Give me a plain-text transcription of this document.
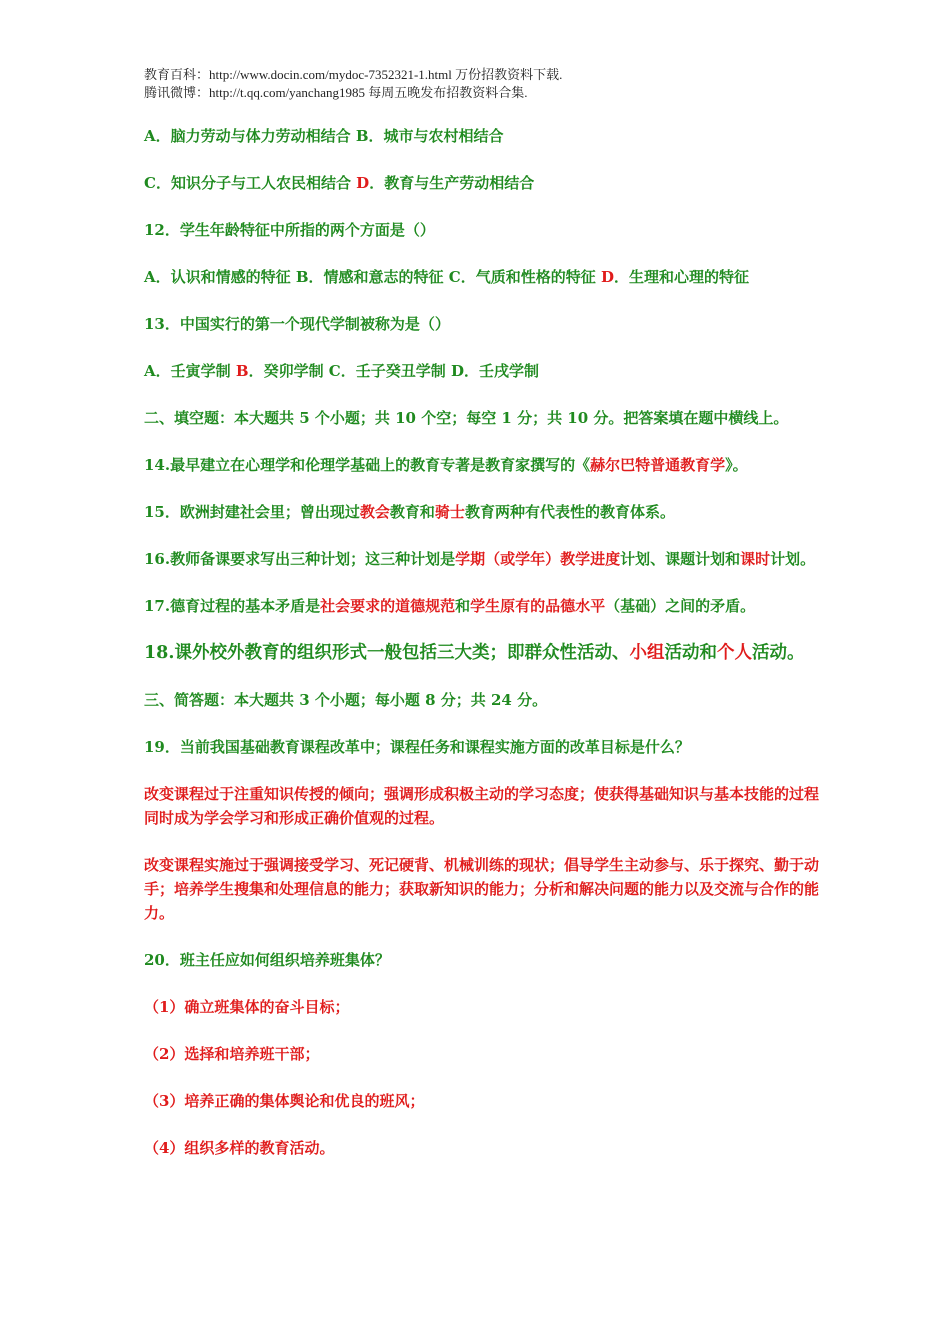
教育百科：http://www.docin.com/mydoc-7352321-1.html 万份招教资料下载.
腾讯微博：http://t.qq.com/yanchang1985 每周五晚发布招教资料合集.

A．脑力劳动与体力劳动相结合 B．城市与农村相结合

C．知识分子与工人农民相结合 D．教育与生产劳动相结合

12．学生年龄特征中所指的两个方面是（）

A．认识和情感的特征 B．情感和意志的特征 C．气质和性格的特征 D．生理和心理的特征

13．中国实行的第一个现代学制被称为是（）

A．壬寅学制 B．癸卯学制 C．壬子癸丑学制 D．壬戌学制

二、填空题：本大题共 5 个小题；共 10 个空；每空 1 分；共 10 分。把答案填在题中横线上。

14.最早建立在心理学和伦理学基础上的教育专著是教育家撰写的《赫尔巴特普通教育学》。

15．欧洲封建社会里；曾出现过教会教育和骑士教育两种有代表性的教育体系。

16.教师备课要求写出三种计划；这三种计划是学期（或学年）教学进度计划、课题计划和课时计划。

17.德育过程的基本矛盾是社会要求的道德规范和学生原有的品德水平（基础）之间的矛盾。

18.课外校外教育的组织形式一般包括三大类；即群众性活动、小组活动和个人活动。

三、简答题：本大题共 3 个小题；每小题 8 分；共 24 分。

19．当前我国基础教育课程改革中；课程任务和课程实施方面的改革目标是什么？

改变课程过于注重知识传授的倾向；强调形成积极主动的学习态度；使获得基础知识与基本技能的过程同时成为学会学习和形成正确价值观的过程。

改变课程实施过于强调接受学习、死记硬背、机械训练的现状；倡导学生主动参与、乐于探究、勤于动手；培养学生搜集和处理信息的能力；获取新知识的能力；分析和解决问题的能力以及交流与合作的能力。

20．班主任应如何组织培养班集体？

（1）确立班集体的奋斗目标；

（2）选择和培养班干部；

（3）培养正确的集体舆论和优良的班风；

（4）组织多样的教育活动。
